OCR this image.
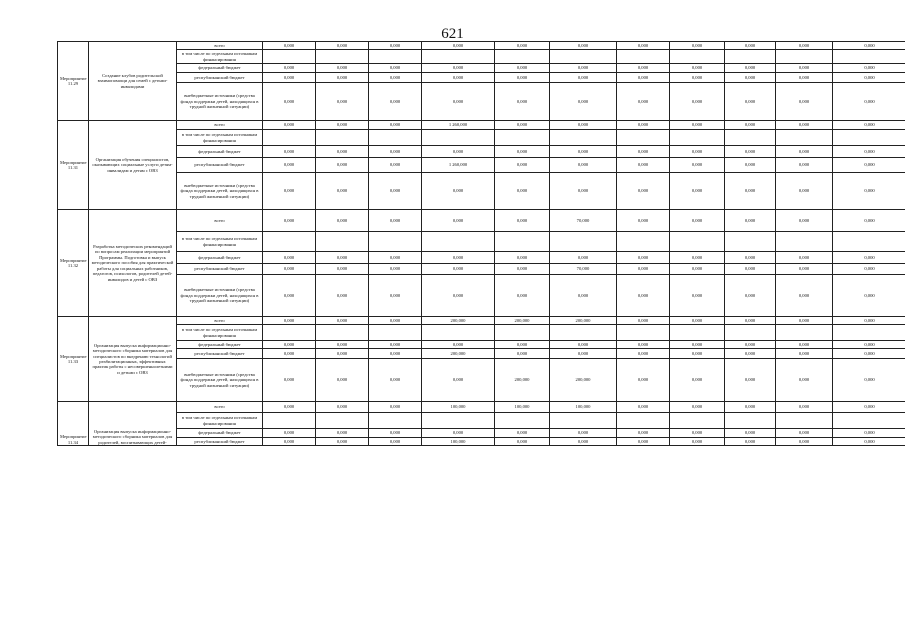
621
Мероприятие 11.29	Создание клубов родительской взаимопомощи для семей с детьми-инвалидами	всего	0,000	0,000	0,000	0,000	0,000	0,000	0,000	0,000	0,000	0,000	0,000
		в том числе по отдельным источникам финансирования											
		федеральный бюджет	0,000	0,000	0,000	0,000	0,000	0,000	0,000	0,000	0,000	0,000	0,000
		республиканский бюджет	0,000	0,000	0,000	0,000	0,000	0,000	0,000	0,000	0,000	0,000	0,000
		внебюджетные источники (средства фонда поддержки детей, находящихся в трудной жизненной ситуации)	0,000	0,000	0,000	0,000	0,000	0,000	0,000	0,000	0,000	0,000	0,000
Мероприятие 11.31	Организация обучения специалистов, оказывающих социальные услуги детям-инвалидам и детям с ОВЗ	всего	0,000	0,000	0,000	1 260,000	0,000	0,000	0,000	0,000	0,000	0,000	0,000
		в том числе по отдельным источникам финансирования											
		федеральный бюджет	0,000	0,000	0,000	0,000	0,000	0,000	0,000	0,000	0,000	0,000	0,000
		республиканский бюджет	0,000	0,000	0,000	1 260,000	0,000	0,000	0,000	0,000	0,000	0,000	0,000
		внебюджетные источники (средства фонда поддержки детей, находящихся в трудной жизненной ситуации)	0,000	0,000	0,000	0,000	0,000	0,000	0,000	0,000	0,000	0,000	0,000
Мероприятие 11.32	Разработка методических рекомендаций по вопросам реализации мероприятий Программы. Подготовка и выпуск методического пособия для практической работы для социальных работников, педагогов, психологов, родителей детей-инвалидов и детей с ОВЗ	всего	0,000	0,000	0,000	0,000	0,000	70,000	0,000	0,000	0,000	0,000	0,000
		в том числе по отдельным источникам финансирования											
		федеральный бюджет	0,000	0,000	0,000	0,000	0,000	0,000	0,000	0,000	0,000	0,000	0,000
		республиканский бюджет	0,000	0,000	0,000	0,000	0,000	70,000	0,000	0,000	0,000	0,000	0,000
		внебюджетные источники (средства фонда поддержки детей, находящихся в трудной жизненной ситуации)	0,000	0,000	0,000	0,000	0,000	0,000	0,000	0,000	0,000	0,000	0,000
Мероприятие 11.33	Организация выпуска информационно-методического сборника материалов для специалистов по внедрению технологий реабилитационных, эффективных практик работы с несовершеннолетними и детьми с ОВЗ	всего	0,000	0,000	0,000	200,000	200,000	200,000	0,000	0,000	0,000	0,000	0,000
		в том числе по отдельным источникам финансирования											
		федеральный бюджет	0,000	0,000	0,000	0,000	0,000	0,000	0,000	0,000	0,000	0,000	0,000
		республиканский бюджет	0,000	0,000	0,000	200,000	0,000	0,000	0,000	0,000	0,000	0,000	0,000
		внебюджетные источники (средства фонда поддержки детей, находящихся в трудной жизненной ситуации)	0,000	0,000	0,000	0,000	200,000	200,000	0,000	0,000	0,000	0,000	0,000
Мероприятие 11.34	Организация выпуска информационно-методического сборника материалов для родителей, воспитывающих детей-	всего	0,000	0,000	0,000	100,000	100,000	100,000	0,000	0,000	0,000	0,000	0,000
		в том числе по отдельным источникам финансирования											
		федеральный бюджет	0,000	0,000	0,000	0,000	0,000	0,000	0,000	0,000	0,000	0,000	0,000
		республиканский бюджет	0,000	0,000	0,000	100,000	0,000	0,000	0,000	0,000	0,000	0,000	0,000
